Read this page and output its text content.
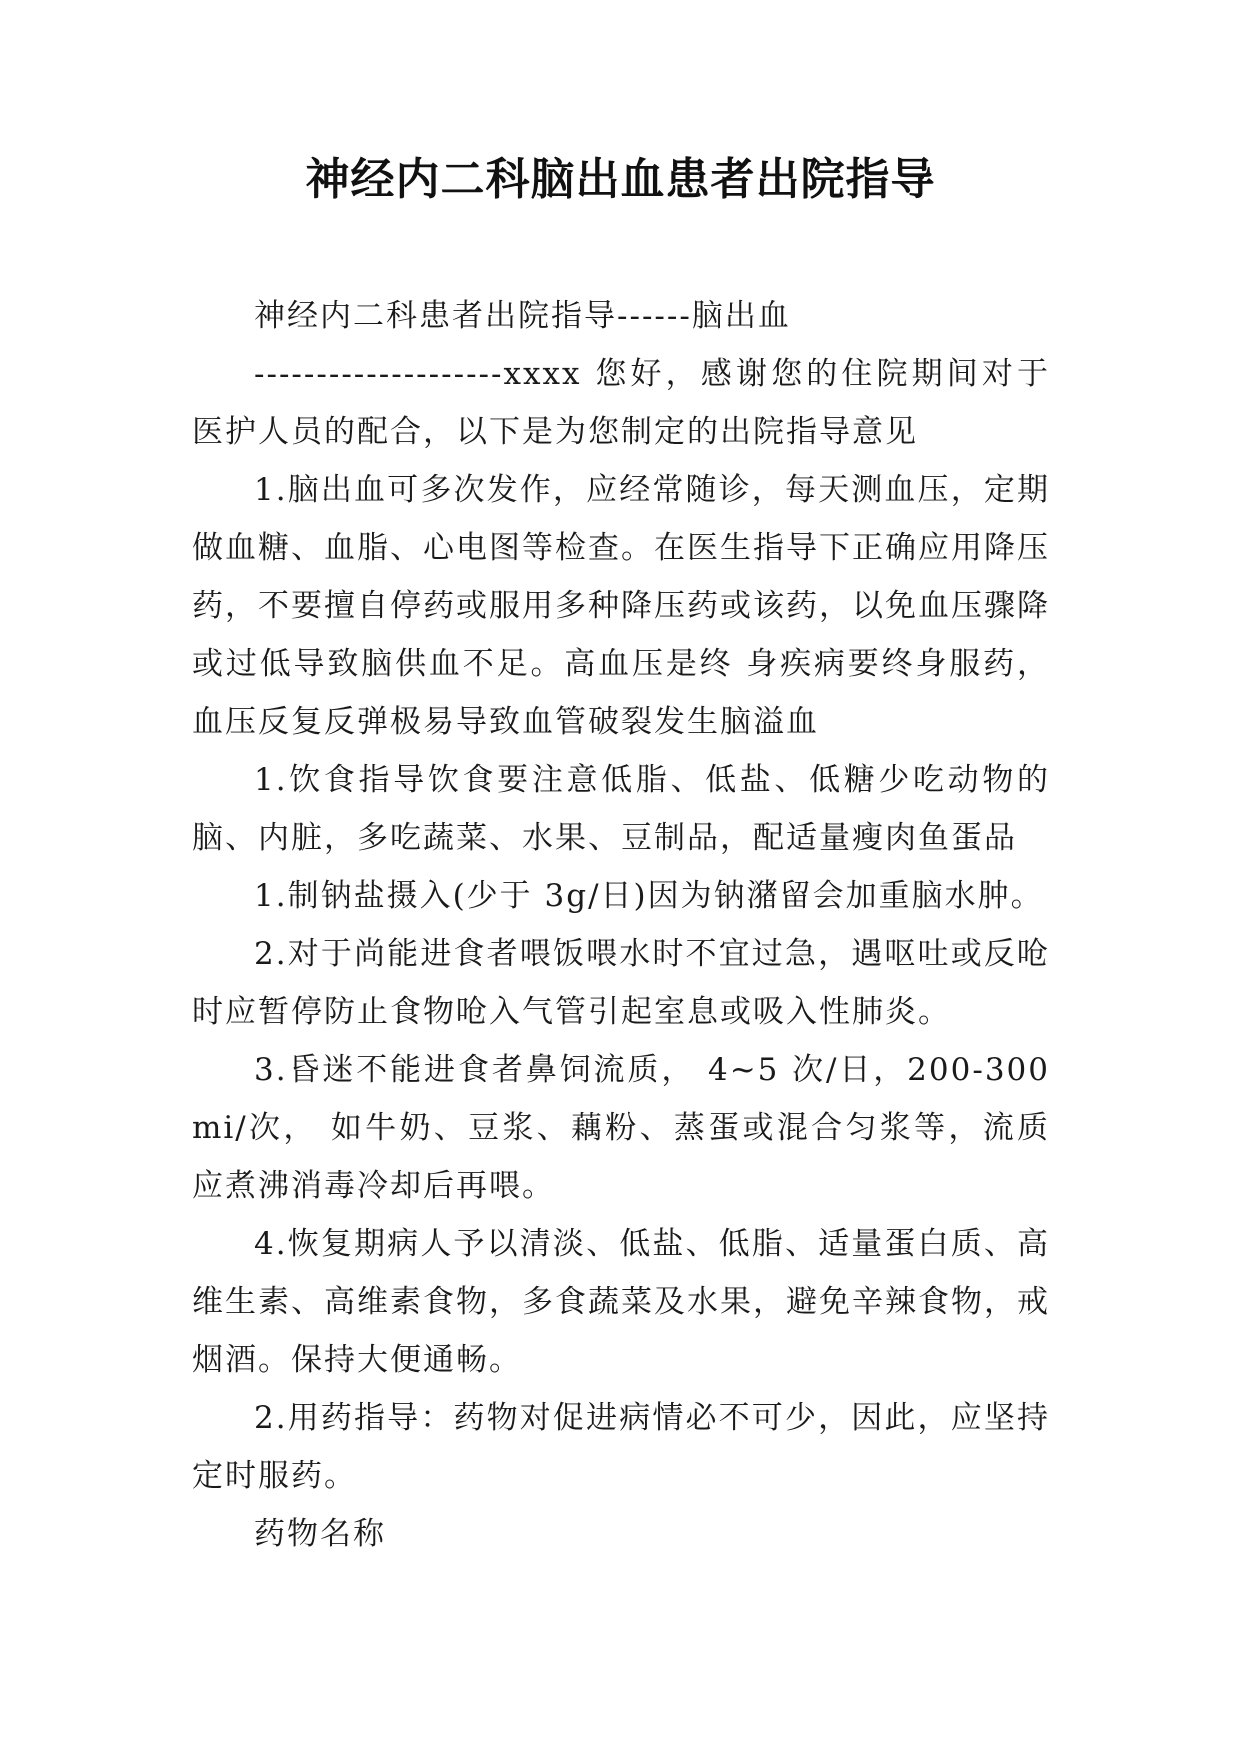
神经内二科脑出血患者出院指导

神经内二科患者出院指导------脑出血

--------------------xxxx 您好，感谢您的住院期间对于医护人员的配合，以下是为您制定的出院指导意见

1.脑出血可多次发作，应经常随诊，每天测血压，定期做血糖、血脂、心电图等检查。在医生指导下正确应用降压药，不要擅自停药或服用多种降压药或该药，以免血压骤降或过低导致脑供血不足。高血压是终 身疾病要终身服药，血压反复反弹极易导致血管破裂发生脑溢血

1.饮食指导饮食要注意低脂、低盐、低糖少吃动物的脑、内脏，多吃蔬菜、水果、豆制品，配适量瘦肉鱼蛋品

1.制钠盐摄入(少于 3g/日)因为钠潴留会加重脑水肿。

2.对于尚能进食者喂饭喂水时不宜过急，遇呕吐或反呛时应暂停防止食物呛入气管引起室息或吸入性肺炎。

3.昏迷不能进食者鼻饲流质， 4~5 次/日，200-300mi/次， 如牛奶、豆浆、藕粉、蒸蛋或混合匀浆等，流质应煮沸消毒冷却后再喂。

4.恢复期病人予以清淡、低盐、低脂、适量蛋白质、高维生素、高维素食物，多食蔬菜及水果，避免辛辣食物，戒烟酒。保持大便通畅。

2.用药指导：药物对促进病情必不可少，因此，应坚持定时服药。

药物名称
